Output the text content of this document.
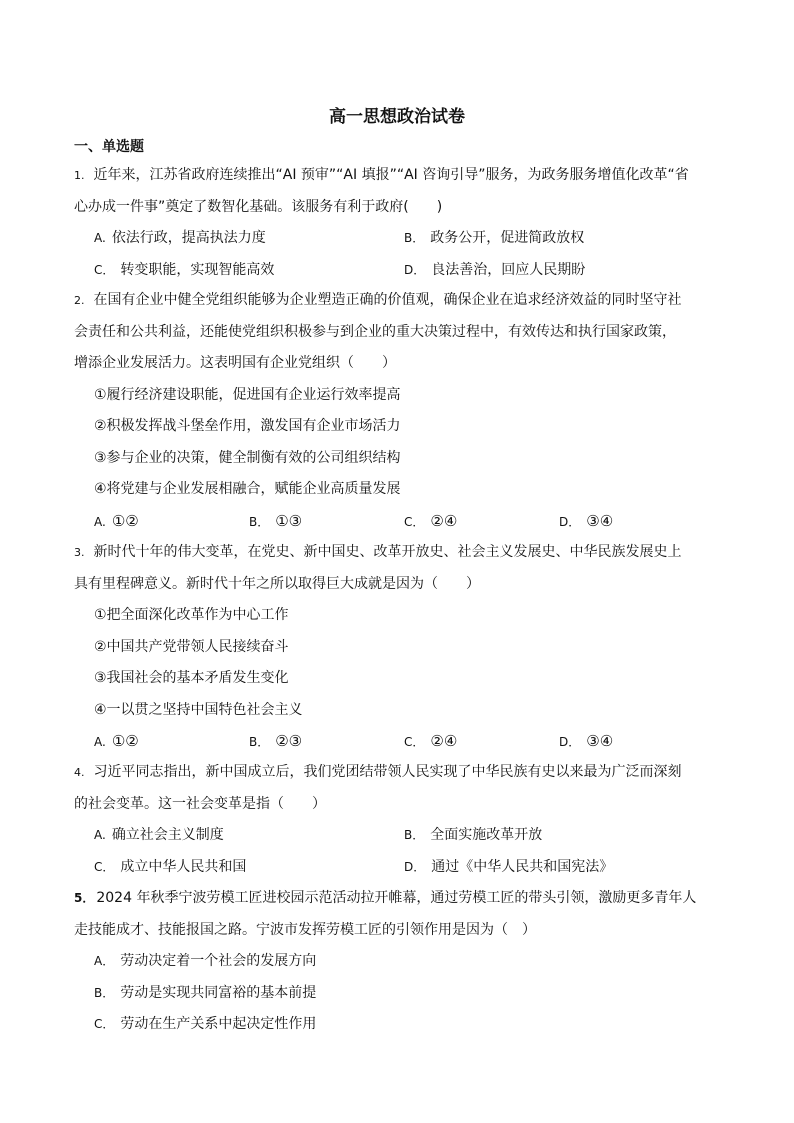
高一思想政治试卷
一、单选题
1. 近年来，江苏省政府连续推出“AI 预审”“AI 填报”“AI 咨询引导”服务，为政务服务增值化改革“省
心办成一件事”奠定了数智化基础。该服务有利于政府(　　)
A. 依法行政，提高执法力度	B． 政务公开，促进简政放权
C． 转变职能，实现智能高效	D． 良法善治，回应人民期盼
2. 在国有企业中健全党组织能够为企业塑造正确的价值观，确保企业在追求经济效益的同时坚守社
会责任和公共利益，还能使党组织积极参与到企业的重大决策过程中，有效传达和执行国家政策，
增添企业发展活力。这表明国有企业党组织（　　）
①履行经济建设职能，促进国有企业运行效率提高
②积极发挥战斗堡垒作用，激发国有企业市场活力
③参与企业的决策，健全制衡有效的公司组织结构
④将党建与企业发展相融合，赋能企业高质量发展
A. ①②	B． ①③	C． ②④	D． ③④
3. 新时代十年的伟大变革，在党史、新中国史、改革开放史、社会主义发展史、中华民族发展史上
具有里程碑意义。新时代十年之所以取得巨大成就是因为（　　）
①把全面深化改革作为中心工作
②中国共产党带领人民接续奋斗
③我国社会的基本矛盾发生变化
④一以贯之坚持中国特色社会主义
A. ①②	B． ②③	C． ②④	D． ③④
4. 习近平同志指出，新中国成立后，我们党团结带领人民实现了中华民族有史以来最为广泛而深刻
的社会变革。这一社会变革是指（　　）
A. 确立社会主义制度	B． 全面实施改革开放
C． 成立中华人民共和国	D． 通过《中华人民共和国宪法》
5． 2024 年秋季宁波劳模工匠进校园示范活动拉开帷幕，通过劳模工匠的带头引领，激励更多青年人
走技能成才、技能报国之路。宁波市发挥劳模工匠的引领作用是因为（　）
A． 劳动决定着一个社会的发展方向
B． 劳动是实现共同富裕的基本前提
C． 劳动在生产关系中起决定性作用
